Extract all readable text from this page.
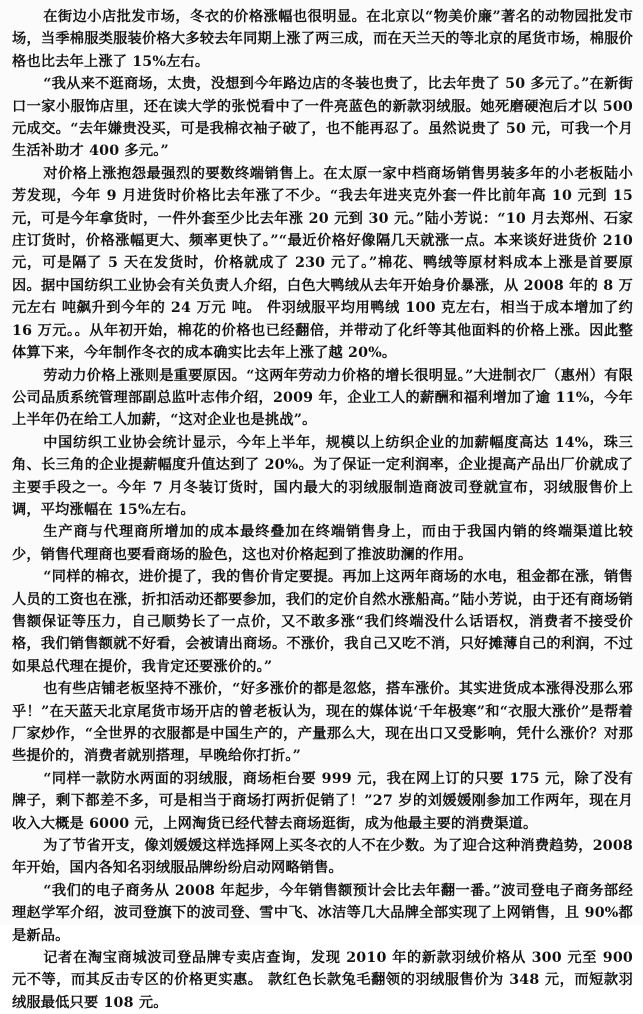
在街边小店批发市场，冬衣的价格涨幅也很明显。在北京以“物美价廉”著名的动物园批发市场，当季棉服类服装价格大多较去年同期上涨了两三成，而在天兰天的等北京的尾货市场，棉服价格也比去年上涨了 15%左右。

“我从来不逛商场，太贵，没想到今年路边店的冬装也贵了，比去年贵了 50 多元了。”在新街口一家小服饰店里，还在读大学的张悦看中了一件亮蓝色的新款羽绒服。她死磨硬泡后才以 500 元成交。“去年嫌贵没买，可是我棉衣袖子破了，也不能再忍了。虽然说贵了 50 元，可我一个月生活补助才 400 多元。”

对价格上涨抱怨最强烈的要数终端销售上。在太原一家中档商场销售男装多年的小老板陆小芳发现，今年 9 月进货时价格比去年涨了不少。“我去年进夹克外套一件比前年高 10 元到 15 元，可是今年拿货时，一件外套至少比去年涨 20 元到 30 元。”陆小芳说：“10 月去郑州、石家庄订货时，价格涨幅更大、频率更快了。”“最近价格好像隔几天就涨一点。本来谈好进货价 210 元，可是隔了 5 天在发货时，价格就成了 230 元了。”棉花、鸭绒等原材料成本上涨是首要原因。据中国纺织工业协会有关负责人介绍，白色大鸭绒从去年开始身价暴涨，从 2008 年的 8 万元左右 吨飙升到今年的 24 万元 吨。 件羽绒服平均用鸭绒 100 克左右，相当于成本增加了约 16 万元。。从年初开始，棉花的价格也已经翻倍，并带动了化纤等其他面料的价格上涨。因此整体算下来，今年制作冬衣的成本确实比去年上涨了越 20%。

劳动力价格上涨则是重要原因。“这两年劳动力价格的增长很明显。”大进制衣厂（惠州）有限公司品质系统管理部副总监叶志伟介绍，2009 年，企业工人的薪酬和福利增加了逾 11%，今年上半年仍在给工人加薪，“这对企业也是挑战”。

中国纺织工业协会统计显示，今年上半年，规模以上纺织企业的加薪幅度高达 14%，珠三角、长三角的企业提薪幅度升值达到了 20%。为了保证一定利润率，企业提高产品出厂价就成了主要手段之一。今年 7 月冬装订货时，国内最大的羽绒服制造商波司登就宣布，羽绒服售价上调，平均涨幅在 15%左右。

生产商与代理商所增加的成本最终叠加在终端销售身上，而由于我国内销的终端渠道比较少，销售代理商也要看商场的脸色，这也对价格起到了推波助澜的作用。

“同样的棉衣，进价提了，我的售价肯定要提。再加上这两年商场的水电，租金都在涨，销售人员的工资也在涨，折扣活动还都要参加，我们的定价自然水涨船高。”陆小芳说，由于还有商场销售额保证等压力，自己顺势长了一点价，又不敢多涨“我们终端没什么话语权，消费者不接受价格，我们销售额就不好看，会被请出商场。不涨价，我自己又吃不消，只好摊薄自己的利润，不过如果总代理在提价，我肯定还要涨价的。”

也有些店铺老板坚持不涨价，“好多涨价的都是忽悠，搭车涨价。其实进货成本涨得没那么邪乎！”在天蓝天北京尾货市场开店的曾老板认为，现在的媒体说‘千年极寒”和“衣服大涨价”是帮着厂家炒作，“全世界的衣服都是中国生产的，产量那么大，现在出口又受影响，凭什么涨价？对那些提价的，消费者就别搭理，早晚给你打折。”

“同样一款防水两面的羽绒服，商场柜台要 999 元，我在网上订的只要 175 元，除了没有牌子，剩下都差不多，可是相当于商场打两折促销了！”27 岁的刘媛媛刚参加工作两年，现在月收入大概是 6000 元，上网淘货已经代替去商场逛街，成为他最主要的消费渠道。

为了节省开支，像刘媛媛这样选择网上买冬衣的人不在少数。为了迎合这种消费趋势，2008 年开始，国内各知名羽绒服品牌纷纷启动网略销售。

“我们的电子商务从 2008 年起步，今年销售额预计会比去年翻一番。”波司登电子商务部经理赵学军介绍，波司登旗下的波司登、雪中飞、冰洁等几大品牌全部实现了上网销售，且 90%都是新品。

记者在淘宝商城波司登品牌专卖店查询，发现 2010 年的新款羽绒价格从 300 元至 900 元不等，而其反击专区的价格更实惠。 款红色长款兔毛翻领的羽绒服售价为 348 元，而短款羽绒服最低只要 108 元。
